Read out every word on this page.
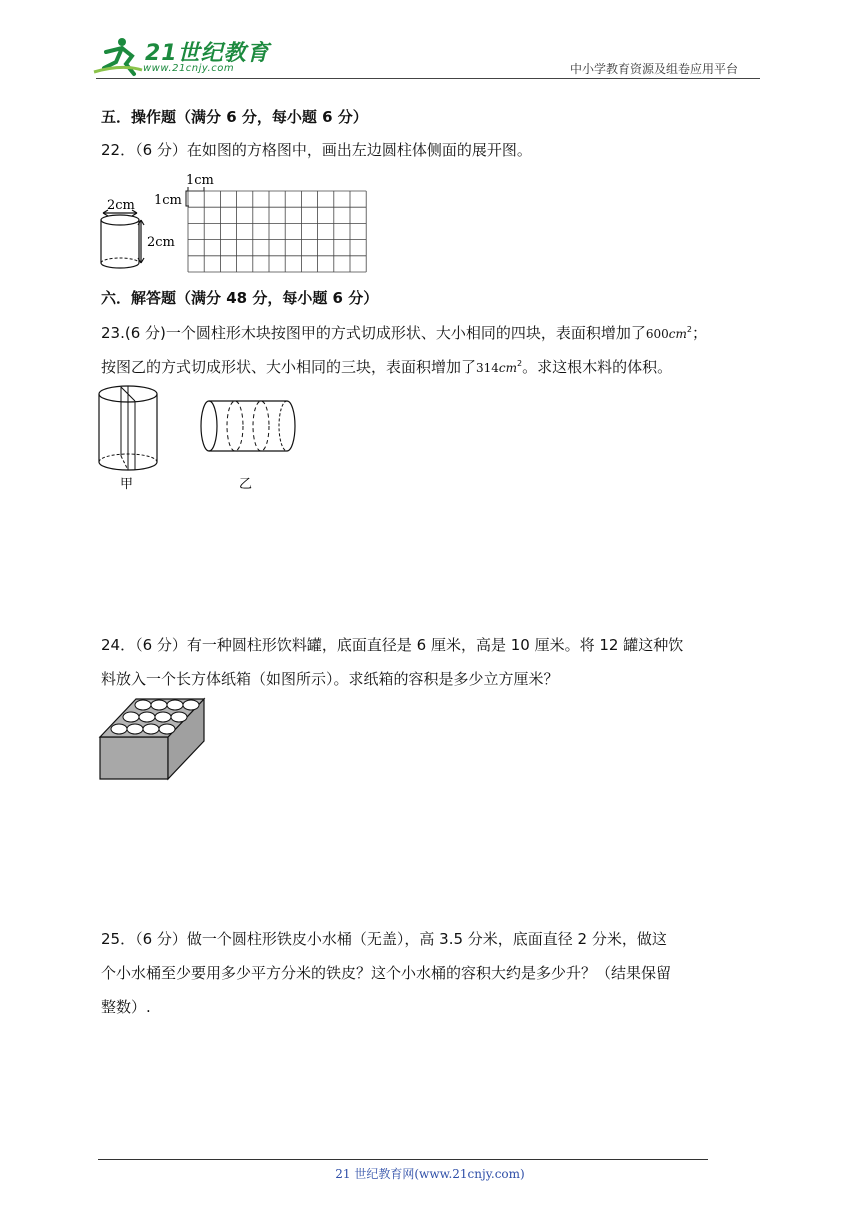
21世纪教育
www.21cnjy.com	中小学教育资源及组卷应用平台
五．操作题（满分 6 分，每小题 6 分）
22．（6 分）在如图的方格图中，画出左边圆柱体侧面的展开图。
2cm
2cm
1cm
1cm
六．解答题（满分 48 分，每小题 6 分）
23.(6 分)一个圆柱形木块按图甲的方式切成形状、大小相同的四块，表面积增加了$600cm^2$；
按图乙的方式切成形状、大小相同的三块，表面积增加了$314cm^2$。求这根木料的体积。
甲	乙
24．（6 分）有一种圆柱形饮料罐，底面直径是 6 厘米，高是 10 厘米。将 12 罐这种饮
料放入一个长方体纸箱（如图所示）。求纸箱的容积是多少立方厘米？
25．（6 分）做一个圆柱形铁皮小水桶（无盖），高 3.5 分米，底面直径 2 分米，做这
个小水桶至少要用多少平方分米的铁皮？这个小水桶的容积大约是多少升？（结果保留
整数）.
21 世纪教育网(www.21cnjy.com)
